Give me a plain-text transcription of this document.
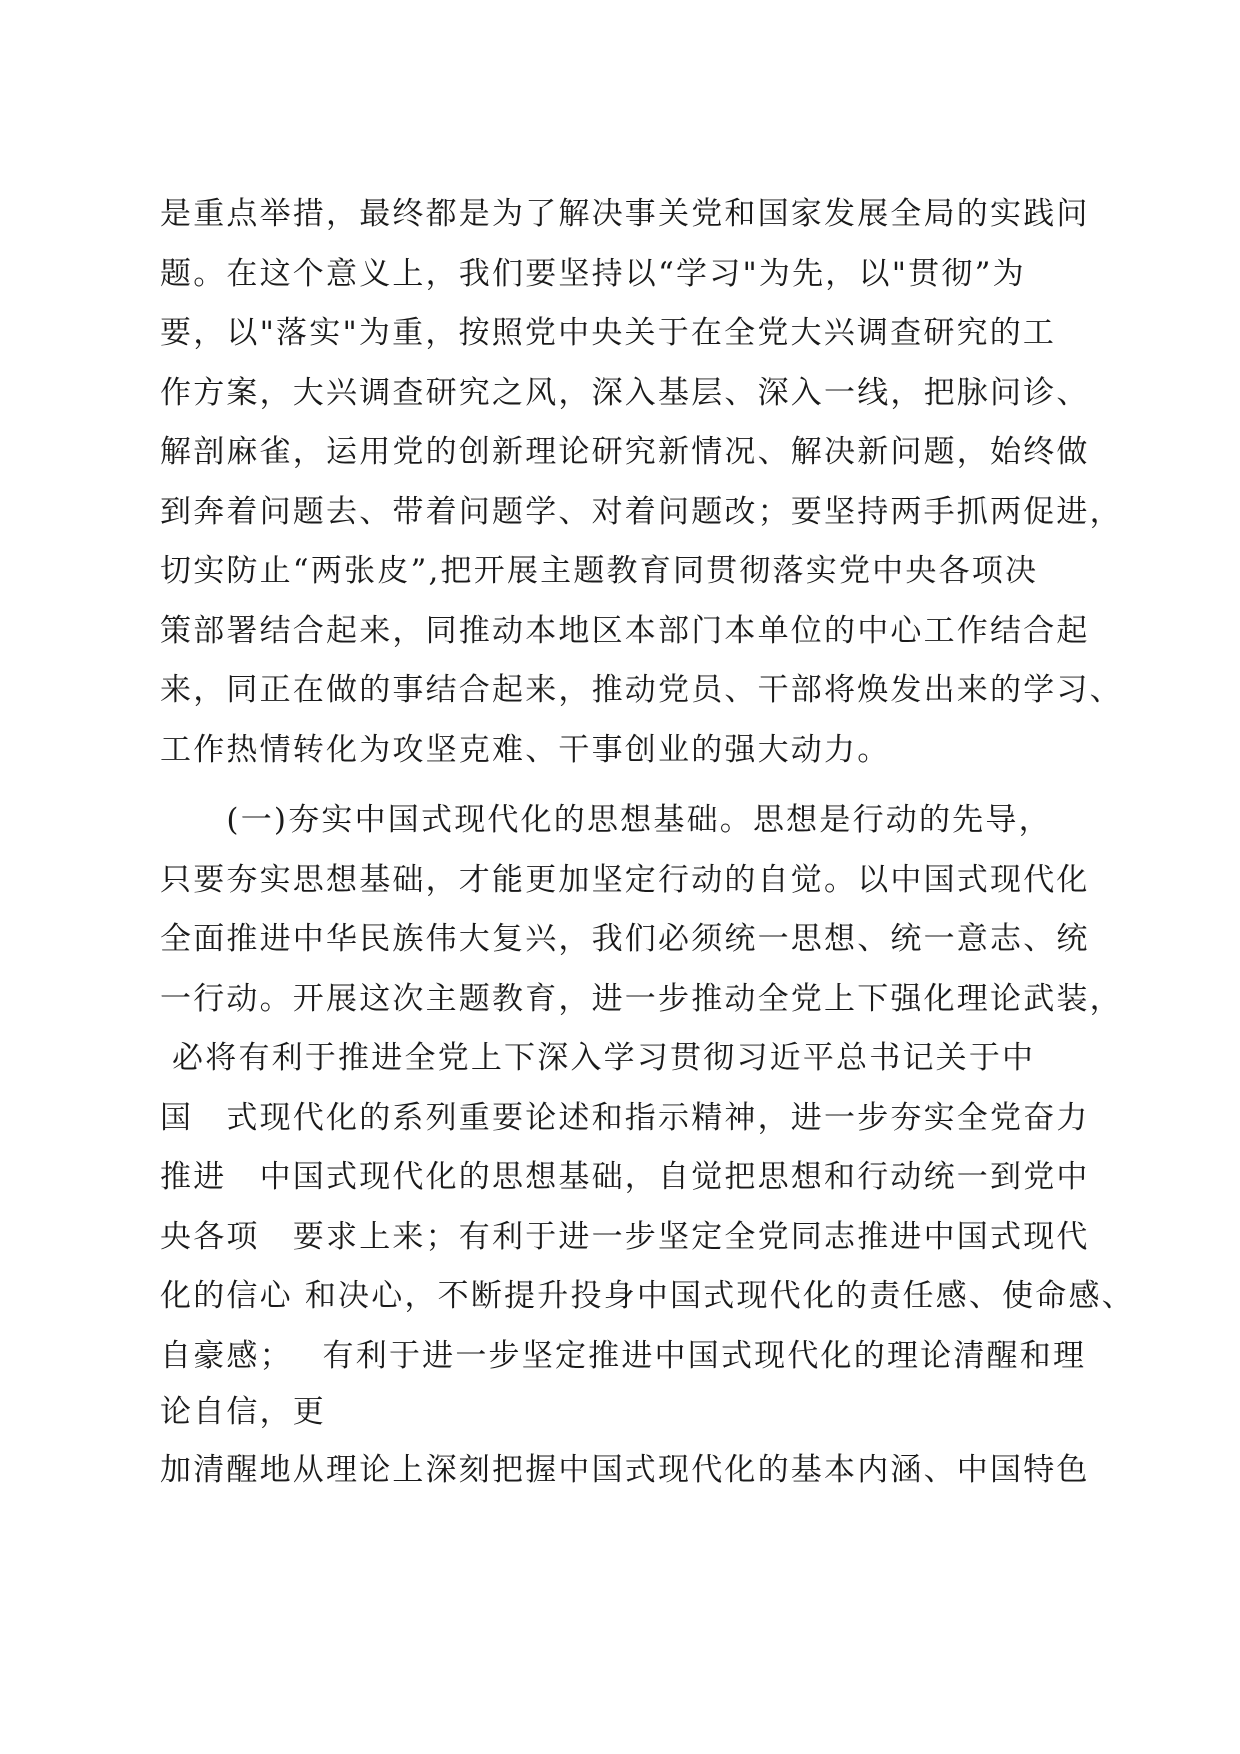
是重点举措，最终都是为了解决事关党和国家发展全局的实践问
题。在这个意义上，我们要坚持以“学习"为先，以"贯彻”为
要，以"落实"为重，按照党中央关于在全党大兴调查研究的工
作方案，大兴调查研究之风，深入基层、深入一线，把脉问诊、
解剖麻雀，运用党的创新理论研究新情况、解决新问题，始终做
到奔着问题去、带着问题学、对着问题改；要坚持两手抓两促进，
切实防止“两张皮”,把开展主题教育同贯彻落实党中央各项决
策部署结合起来，同推动本地区本部门本单位的中心工作结合起
来，同正在做的事结合起来，推动党员、干部将焕发出来的学习、
工作热情转化为攻坚克难、干事创业的强大动力。
　　(一)夯实中国式现代化的思想基础。思想是行动的先导，
只要夯实思想基础，才能更加坚定行动的自觉。以中国式现代化
全面推进中华民族伟大复兴，我们必须统一思想、统一意志、统
一行动。开展这次主题教育，进一步推动全党上下强化理论武装，
必将有利于推进全党上下深入学习贯彻习近平总书记关于中
国　式现代化的系列重要论述和指示精神，进一步夯实全党奋力
推进　中国式现代化的思想基础，自觉把思想和行动统一到党中
央各项　要求上来；有利于进一步坚定全党同志推进中国式现代
化的信心 和决心，不断提升投身中国式现代化的责任感、使命感、
自豪感；　 有利于进一步坚定推进中国式现代化的理论清醒和理
论自信，更
加清醒地从理论上深刻把握中国式现代化的基本内涵、中国特色
